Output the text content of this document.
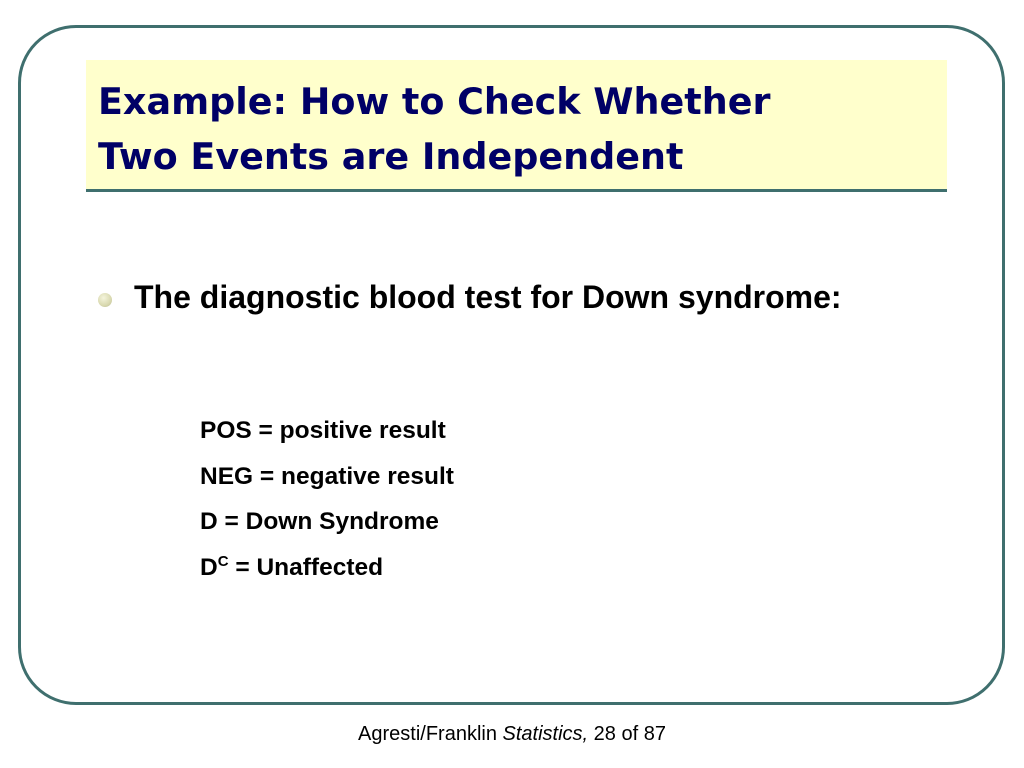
Example: How to Check Whether
Two Events are Independent
The diagnostic blood test for Down syndrome:
POS = positive result
NEG = negative result
D = Down Syndrome
$D^C$ = Unaffected
Agresti/Franklin Statistics, 28 of 87
